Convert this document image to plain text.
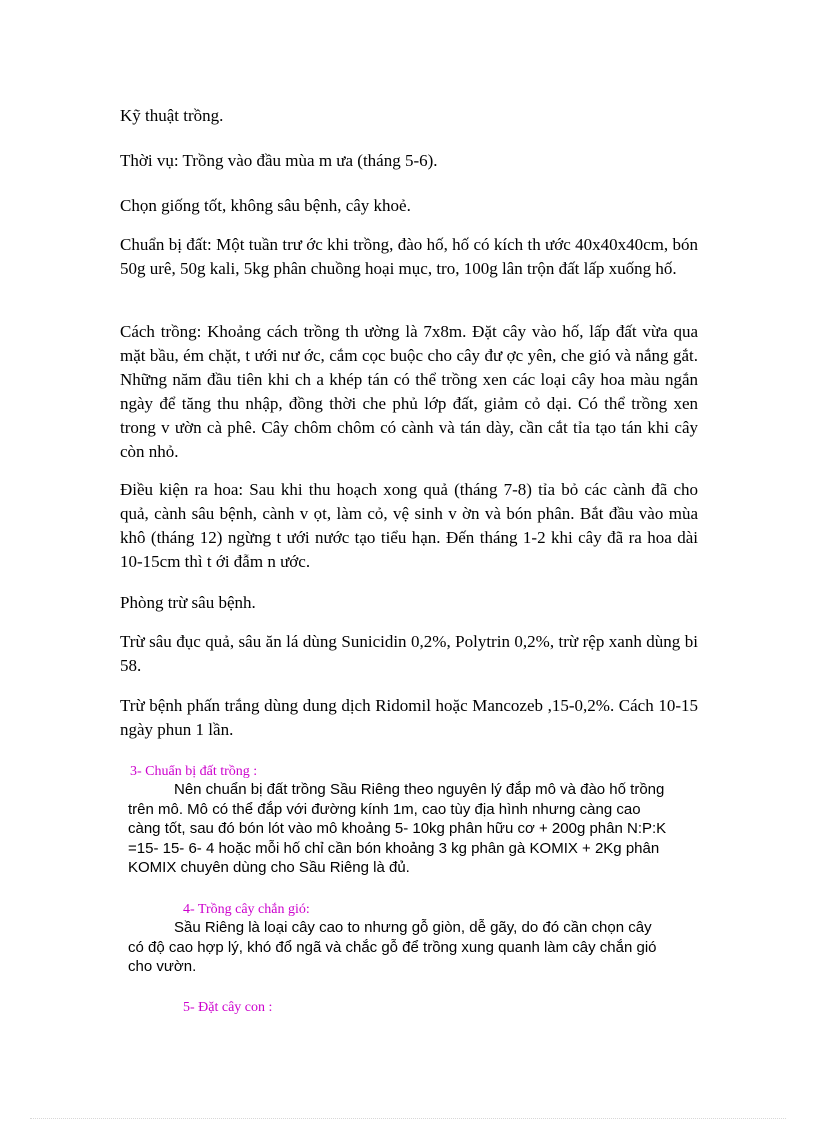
Kỹ thuật trồng.

Thời vụ: Trồng vào đầu mùa m ưa (tháng 5-6).

Chọn giống tốt, không sâu bệnh, cây khoẻ.

Chuẩn bị đất: Một tuần trư ớc khi trồng, đào hố, hố có kích th ước 40x40x40cm, bón 50g urê, 50g kali, 5kg phân chuồng hoại mục, tro, 100g lân trộn đất lấp xuống hố.

Cách trồng: Khoảng cách trồng th ường là 7x8m. Đặt cây vào hố, lấp đất vừa qua mặt bầu, ém chặt, t ưới nư ớc, cắm cọc buộc cho cây đư ợc yên, che gió và nắng gắt. Những năm đầu tiên khi ch a khép tán có thể trồng xen các loại cây hoa màu ngắn ngày để tăng thu nhập, đồng thời che phủ lớp đất, giảm cỏ dại. Có thể trồng xen trong v ườn cà phê. Cây chôm chôm có cành và tán dày, cần cắt tỉa tạo tán khi cây còn nhỏ.

Điều kiện ra hoa: Sau khi thu hoạch xong quả (tháng 7-8) tỉa bỏ các cành đã cho quả, cành sâu bệnh, cành v ọt, làm cỏ, vệ sinh v ờn và bón phân. Bắt đầu vào mùa khô (tháng 12) ngừng t ưới nước tạo tiểu hạn. Đến tháng 1-2 khi cây đã ra hoa dài 10-15cm thì t ới đẫm n ước.

Phòng trừ sâu bệnh.

Trừ sâu đục quả, sâu ăn lá dùng Sunicidin 0,2%, Polytrin 0,2%, trừ rệp xanh dùng bi 58.

Trừ bệnh phấn trắng dùng dung dịch Ridomil hoặc Mancozeb ,15-0,2%. Cách 10-15 ngày phun 1 lần.

3- Chuẩn bị đất trồng :

Nên chuẩn bị đất trồng Sầu Riêng theo nguyên lý đắp mô và đào hố trồng trên mô. Mô có thể đắp với đường kính 1m, cao tùy địa hình nhưng càng cao càng tốt, sau đó bón lót vào mô khoảng 5- 10kg phân hữu cơ + 200g phân N:P:K =15- 15- 6- 4 hoặc mỗi hố chỉ cần bón khoảng 3 kg phân gà KOMIX + 2Kg phân KOMIX chuyên dùng cho Sầu Riêng là đủ.

4- Trồng cây chắn gió:

Sầu Riêng là loại cây cao to nhưng gỗ giòn, dễ gãy, do đó cần chọn cây có độ cao hợp lý, khó đổ ngã và chắc gỗ để trồng xung quanh làm cây chắn gió cho vườn.

5- Đặt cây con :
